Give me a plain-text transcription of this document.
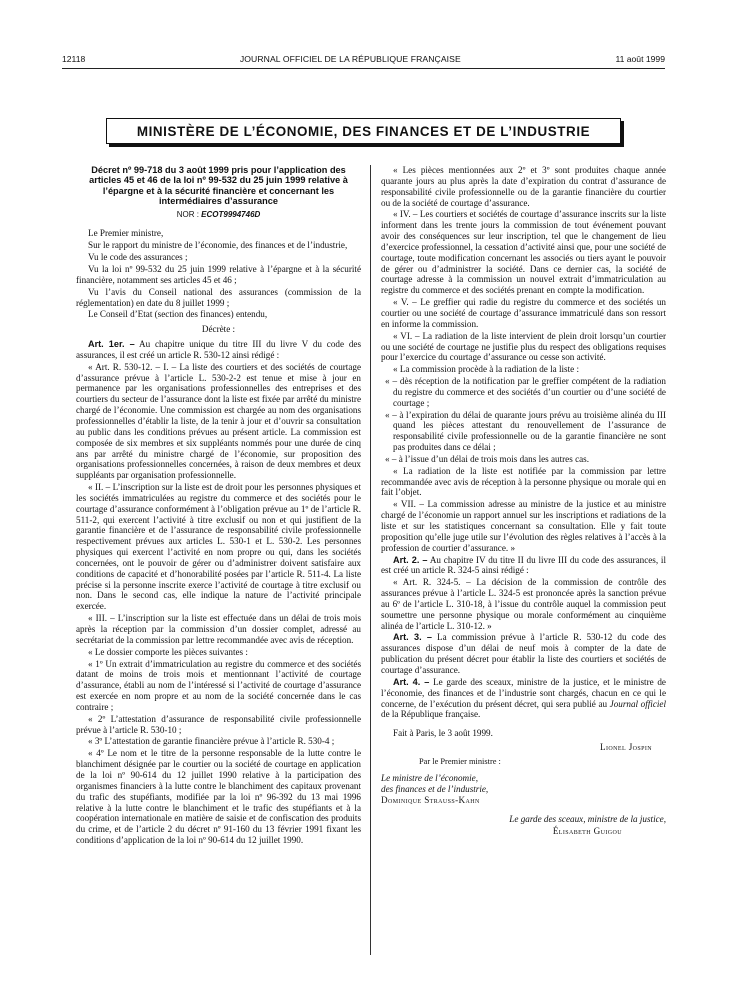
12118	JOURNAL OFFICIEL DE LA RÉPUBLIQUE FRANÇAISE	11 août 1999
MINISTÈRE DE L’ÉCONOMIE, DES FINANCES ET DE L’INDUSTRIE

Décret nº 99-718 du 3 août 1999 pris pour l’application des articles 45 et 46 de la loi nº 99-532 du 25 juin 1999 relative à l’épargne et à la sécurité financière et concernant les intermédiaires d’assurance

NOR : ECOT9994746D

Le Premier ministre,

Sur le rapport du ministre de l’économie, des finances et de l’industrie,

Vu le code des assurances ;

Vu la loi nº 99-532 du 25 juin 1999 relative à l’épargne et à la sécurité financière, notamment ses articles 45 et 46 ;

Vu l’avis du Conseil national des assurances (commission de la réglementation) en date du 8 juillet 1999 ;

Le Conseil d’Etat (section des finances) entendu,

Décrète :

Art. 1er. – Au chapitre unique du titre III du livre V du code des assurances, il est créé un article R. 530-12 ainsi rédigé :

« Art. R. 530-12. – I. – La liste des courtiers et des sociétés de courtage d’assurance prévue à l’article L. 530-2-2 est tenue et mise à jour en permanence par les organisations professionnelles des entreprises et des courtiers du secteur de l’assurance dont la liste est fixée par arrêté du ministre chargé de l’économie. Une commission est chargée au nom des organisations professionnelles d’établir la liste, de la tenir à jour et d’ouvrir sa consultation au public dans les conditions prévues au présent article. La commission est composée de six membres et six suppléants nommés pour une durée de cinq ans par arrêté du ministre chargé de l’économie, sur proposition des organisations professionnelles concernées, à raison de deux membres et deux suppléants par organisation professionnelle.

« II. – L’inscription sur la liste est de droit pour les personnes physiques et les sociétés immatriculées au registre du commerce et des sociétés pour le courtage d’assurance conformément à l’obligation prévue au 1º de l’article R. 511-2, qui exercent l’activité à titre exclusif ou non et qui justifient de la garantie financière et de l’assurance de responsabilité civile professionnelle respectivement prévues aux articles L. 530-1 et L. 530-2. Les personnes physiques qui exercent l’activité en nom propre ou qui, dans les sociétés concernées, ont le pouvoir de gérer ou d’administrer doivent satisfaire aux conditions de capacité et d’honorabilité posées par l’article R. 511-4. La liste précise si la personne inscrite exerce l’activité de courtage à titre exclusif ou non. Dans le second cas, elle indique la nature de l’activité principale exercée.

« III. – L’inscription sur la liste est effectuée dans un délai de trois mois après la réception par la commission d’un dossier complet, adressé au secrétariat de la commission par lettre recommandée avec avis de réception.

« Le dossier comporte les pièces suivantes :

« 1º Un extrait d’immatriculation au registre du commerce et des sociétés datant de moins de trois mois et mentionnant l’activité de courtage d’assurance, établi au nom de l’intéressé si l’activité de courtage d’assurance est exercée en nom propre et au nom de la société concernée dans le cas contraire ;

« 2º L’attestation d’assurance de responsabilité civile professionnelle prévue à l’article R. 530-10 ;

« 3º L’attestation de garantie financière prévue à l’article R. 530-4 ;

« 4º Le nom et le titre de la personne responsable de la lutte contre le blanchiment désignée par le courtier ou la société de courtage en application de la loi nº 90-614 du 12 juillet 1990 relative à la participation des organismes financiers à la lutte contre le blanchiment des capitaux provenant du trafic des stupéfiants, modifiée par la loi nº 96-392 du 13 mai 1996 relative à la lutte contre le blanchiment et le trafic des stupéfiants et à la coopération internationale en matière de saisie et de confiscation des produits du crime, et de l’article 2 du décret nº 91-160 du 13 février 1991 fixant les conditions d’application de la loi nº 90-614 du 12 juillet 1990.

« Les pièces mentionnées aux 2º et 3º sont produites chaque année quarante jours au plus après la date d’expiration du contrat d’assurance de responsabilité civile professionnelle ou de la garantie financière du courtier ou de la société de courtage d’assurance.

« IV. – Les courtiers et sociétés de courtage d’assurance inscrits sur la liste informent dans les trente jours la commission de tout événement pouvant avoir des conséquences sur leur inscription, tel que le changement de lieu d’exercice professionnel, la cessation d’activité ainsi que, pour une société de courtage, toute modification concernant les associés ou tiers ayant le pouvoir de gérer ou d’administrer la société. Dans ce dernier cas, la société de courtage adresse à la commission un nouvel extrait d’immatriculation au registre du commerce et des sociétés prenant en compte la modification.

« V. – Le greffier qui radie du registre du commerce et des sociétés un courtier ou une société de courtage d’assurance immatriculé dans son ressort en informe la commission.

« VI. – La radiation de la liste intervient de plein droit lorsqu’un courtier ou une société de courtage ne justifie plus du respect des obligations requises pour l’exercice du courtage d’assurance ou cesse son activité.

« La commission procède à la radiation de la liste :

« – dès réception de la notification par le greffier compétent de la radiation du registre du commerce et des sociétés d’un courtier ou d’une société de courtage ;

« – à l’expiration du délai de quarante jours prévu au troisième alinéa du III quand les pièces attestant du renouvellement de l’assurance de responsabilité civile professionnelle ou de la garantie financière ne sont pas produites dans ce délai ;

« – à l’issue d’un délai de trois mois dans les autres cas.

« La radiation de la liste est notifiée par la commission par lettre recommandée avec avis de réception à la personne physique ou morale qui en fait l’objet.

« VII. – La commission adresse au ministre de la justice et au ministre chargé de l’économie un rapport annuel sur les inscriptions et radiations de la liste et sur les statistiques concernant sa consultation. Elle y fait toute proposition qu’elle juge utile sur l’évolution des règles relatives à l’accès à la profession de courtier d’assurance. »

Art. 2. – Au chapitre IV du titre II du livre III du code des assurances, il est créé un article R. 324-5 ainsi rédigé :

« Art. R. 324-5. – La décision de la commission de contrôle des assurances prévue à l’article L. 324-5 est prononcée après la sanction prévue au 6º de l’article L. 310-18, à l’issue du contrôle auquel la commission peut soumettre une personne physique ou morale conformément au cinquième alinéa de l’article L. 310-12. »

Art. 3. – La commission prévue à l’article R. 530-12 du code des assurances dispose d’un délai de neuf mois à compter de la date de publication du présent décret pour établir la liste des courtiers et sociétés de courtage d’assurance.

Art. 4. – Le garde des sceaux, ministre de la justice, et le ministre de l’économie, des finances et de l’industrie sont chargés, chacun en ce qui le concerne, de l’exécution du présent décret, qui sera publié au Journal officiel de la République française.

Fait à Paris, le 3 août 1999.

Lionel Jospin

Par le Premier ministre :

Le ministre de l’économie,
des finances et de l’industrie,

Dominique Strauss-Kahn

Le garde des sceaux, ministre de la justice,

Élisabeth Guigou
